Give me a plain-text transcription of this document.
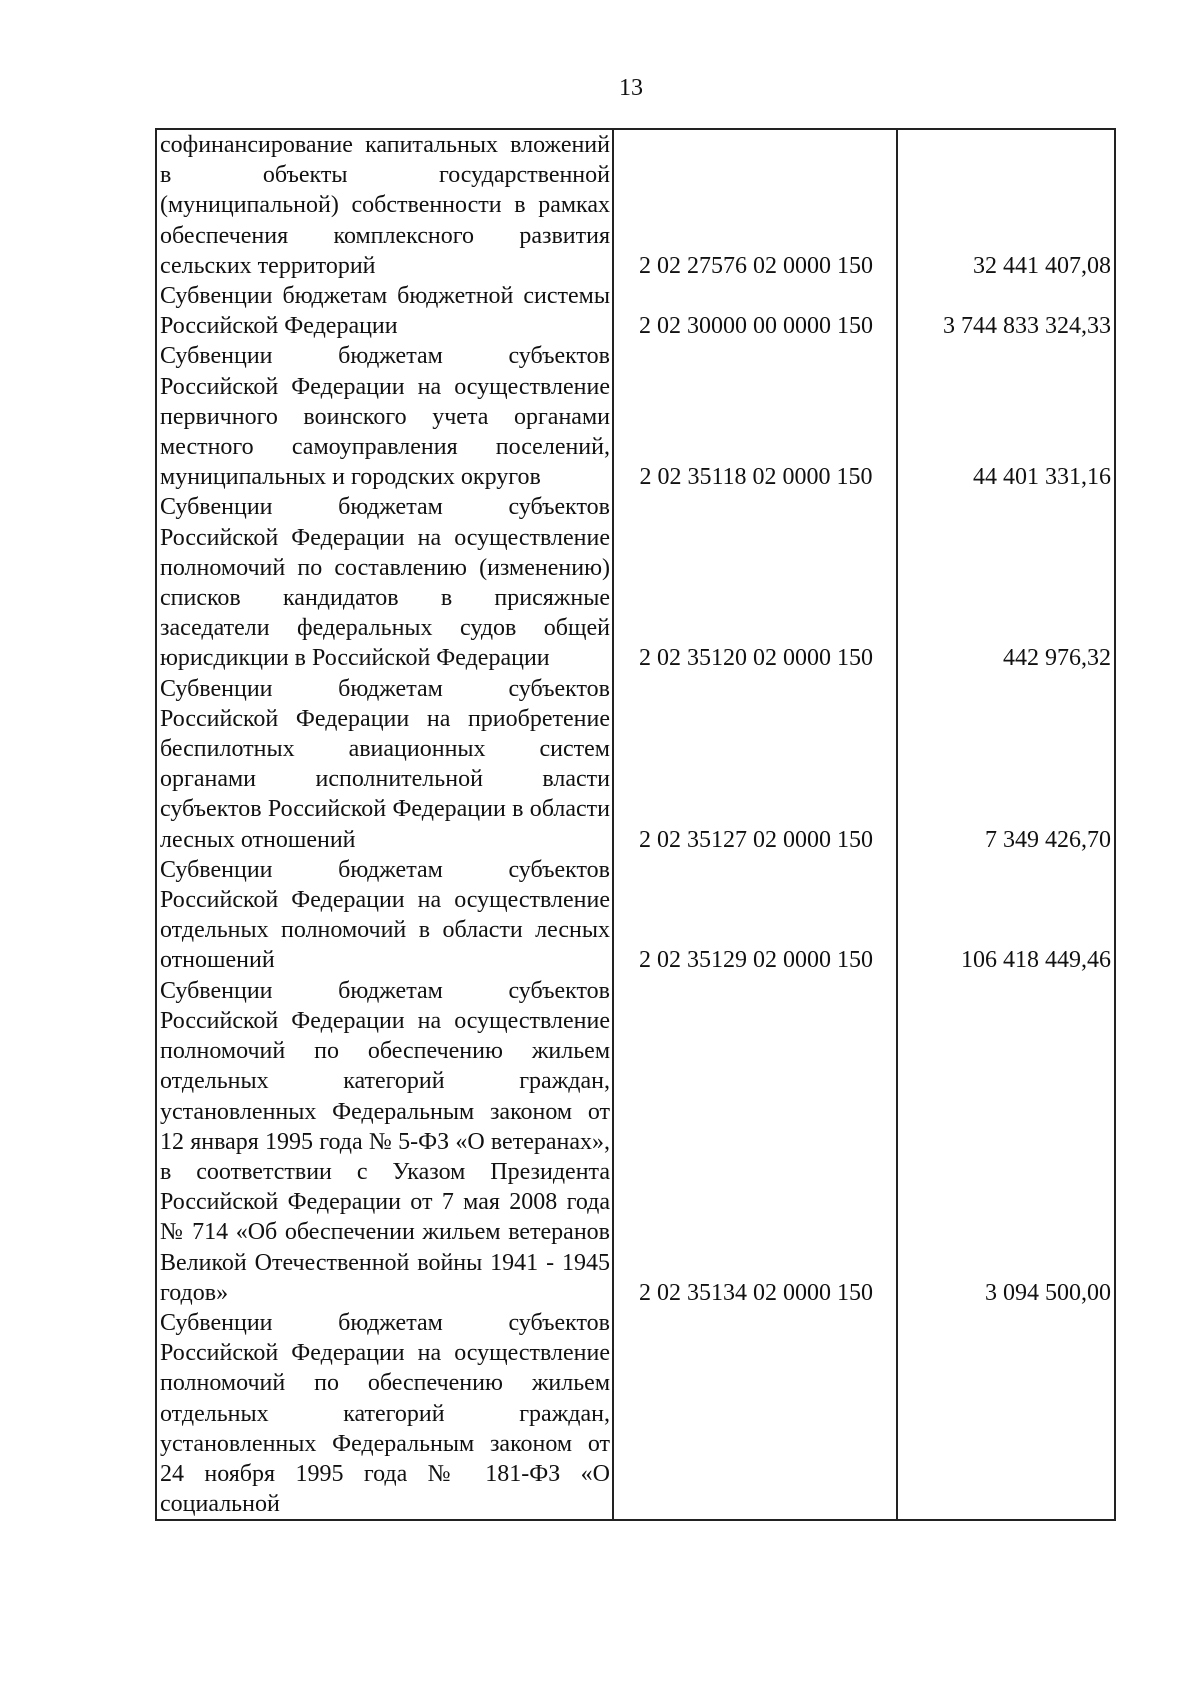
13
софинансирование капитальных вложений в объекты государственной (муниципальной) собственности в рамках обеспечения комплексного развития сельских территорий	2 02 27576 02 0000 150	32 441 407,08
Субвенции бюджетам бюджетной системы Российской Федерации	2 02 30000 00 0000 150	3 744 833 324,33
Субвенции бюджетам субъектов Российской Федерации на осуществление первичного воинского учета органами местного самоуправления поселений, муниципальных и городских округов	2 02 35118 02 0000 150	44 401 331,16
Субвенции бюджетам субъектов Российской Федерации на осуществление полномочий по составлению (изменению) списков кандидатов в присяжные заседатели федеральных судов общей юрисдикции в Российской Федерации	2 02 35120 02 0000 150	442 976,32
Субвенции бюджетам субъектов Российской Федерации на приобретение беспилотных авиационных систем органами исполнительной власти субъектов Российской Федерации в области лесных отношений	2 02 35127 02 0000 150	7 349 426,70
Субвенции бюджетам субъектов Российской Федерации на осуществление отдельных полномочий в области лесных отношений	2 02 35129 02 0000 150	106 418 449,46
Субвенции бюджетам субъектов Российской Федерации на осуществление полномочий по обеспечению жильем отдельных категорий граждан, установленных Федеральным законом от 12 января 1995 года № 5-ФЗ «О ветеранах», в соответствии с Указом Президента Российской Федерации от 7 мая 2008 года № 714 «Об обеспечении жильем ветеранов Великой Отечественной войны 1941 - 1945 годов»	2 02 35134 02 0000 150	3 094 500,00
Субвенции бюджетам субъектов Российской Федерации на осуществление полномочий по обеспечению жильем отдельных категорий граждан, установленных Федеральным законом от 24 ноября 1995 года № 181-ФЗ «О социальной		
